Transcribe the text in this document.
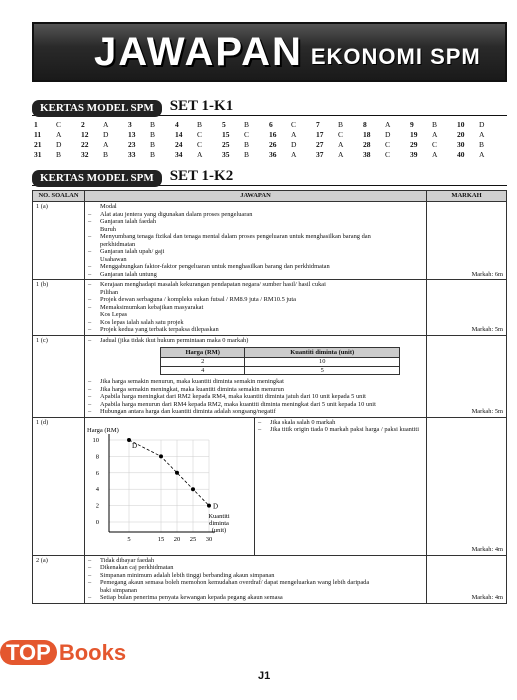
JAWAPAN EKONOMI SPM
KERTAS MODEL SPM SET 1-K1
1	C	2	A	3	B	4	B	5	B	6	C	7	B	8	A	9	B	10	D
11	A	12	D	13	B	14	C	15	C	16	A	17	C	18	D	19	A	20	A
21	D	22	A	23	B	24	C	25	B	26	D	27	A	28	C	29	C	30	B
31	B	32	B	33	B	34	A	35	B	36	A	37	A	38	C	39	A	40	A
KERTAS MODEL SPM SET 1-K2
NO. SOALAN	JAWAPAN	MARKAH
1 (a)	Modal
–	Alat atau jentera yang digunakan dalam proses pengeluaran
–	Ganjaran ialah faedah
Buruh
–	Menyumbang tenaga fizikal dan tenaga mental dalam proses pengeluaran untuk menghasilkan barang dan
perkhidmatan
–	Ganjaran ialah upah/ gaji
Usahawan
–	Menggabungkan faktor-faktor pengeluaran untuk menghasilkan barang dan perkhidmatan
–	Ganjaran ialah untung	Markah: 6m
1 (b)	–	Kerajaan menghadapi masalah kekurangan pendapatan negara/ sumber hasil/ hasil cukai
Pilihan
–	Projek dewan serbaguna / kompleks sukan futsal / RM8.9 juta / RM10.5 juta
–	Memaksimumkan kebajikan masyarakat
Kos Lepas
–	Kos lepas ialah salah satu projek
–	Projek kedua yang terbaik terpaksa dilepaskan	Markah: 5m
1 (c)	–	Jadual (jika tidak ikut hukum permintaan maka 0 markah)
Harga (RM)	Kuantiti diminta (unit)
2	10
4	5
–	Jika harga semakin menurun, maka kuantiti diminta semakin meningkat
–	Jika harga semakin meningkat, maka kuantiti diminta semakin menurun
–	Apabila harga meningkat dari RM2 kepada RM4, maka kuantiti diminta jatuh dari 10 unit kepada 5 unit
–	Apabila harga menurun dari RM4 kepada RM2, maka kuantiti diminta meningkat dari 5 unit kepada 10 unit
–	Hubungan antara harga dan kuantiti diminta adalah songsang/negatif	Markah: 5m
1 (d)	
5	15 20 25 30
0
2
4
6
8
10
Harga (RM)
Kuantiti diminta (unit)
D
D
–	Jika skala salah 0 markah
–	Jika titik origin tiada 0 markah paksi harga / paksi kuantiti
	Markah: 4m
2 (a)	–	Tidak dibayar faedah
–	Dikenakan caj perkhidmatan
–	Simpanan minimum adalah lebih tinggi berbanding akaun simpanan
–	Pemegang akaun semasa boleh memohon kemudahan overdraf/ dapat mengeluarkan wang lebih daripada
baki simpanan
–	Setiap bulan penerima penyata kewangan kepada pegang akaun semasa	Markah: 4m
TOP Books
J1
